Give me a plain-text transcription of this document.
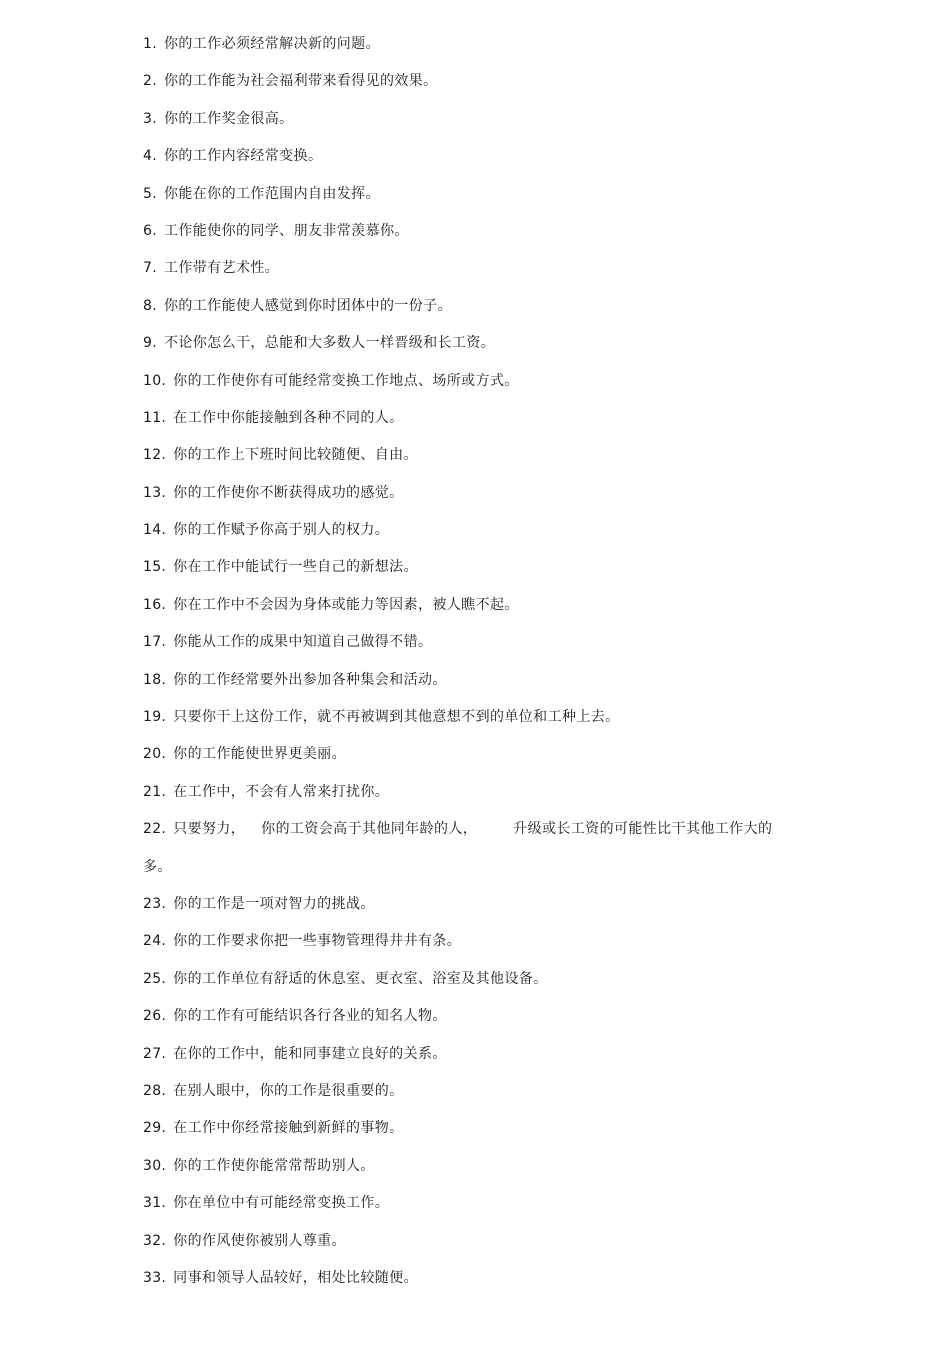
1. 你的工作必须经常解决新的问题。
2. 你的工作能为社会福利带来看得见的效果。
3. 你的工作奖金很高。
4. 你的工作内容经常变换。
5. 你能在你的工作范围内自由发挥。
6. 工作能使你的同学、朋友非常羡慕你。
7. 工作带有艺术性。
8. 你的工作能使人感觉到你时团体中的一份子。
9. 不论你怎么干，总能和大多数人一样晋级和长工资。
10. 你的工作使你有可能经常变换工作地点、场所或方式。
11. 在工作中你能接触到各种不同的人。
12. 你的工作上下班时间比较随便、自由。
13. 你的工作使你不断获得成功的感觉。
14. 你的工作赋予你高于别人的权力。
15. 你在工作中能试行一些自己的新想法。
16. 你在工作中不会因为身体或能力等因素，被人瞧不起。
17. 你能从工作的成果中知道自己做得不错。
18. 你的工作经常要外出参加各种集会和活动。
19. 只要你干上这份工作，就不再被调到其他意想不到的单位和工种上去。
20. 你的工作能使世界更美丽。
21. 在工作中，不会有人常来打扰你。
22. 只要努力， 你的工资会高于其他同年龄的人，	升级或长工资的可能性比干其他工作大的
多。
23. 你的工作是一项对智力的挑战。
24. 你的工作要求你把一些事物管理得井井有条。
25. 你的工作单位有舒适的休息室、更衣室、浴室及其他设备。
26. 你的工作有可能结识各行各业的知名人物。
27. 在你的工作中，能和同事建立良好的关系。
28. 在别人眼中，你的工作是很重要的。
29. 在工作中你经常接触到新鲜的事物。
30. 你的工作使你能常常帮助别人。
31. 你在单位中有可能经常变换工作。
32. 你的作风使你被别人尊重。
33. 同事和领导人品较好，相处比较随便。
